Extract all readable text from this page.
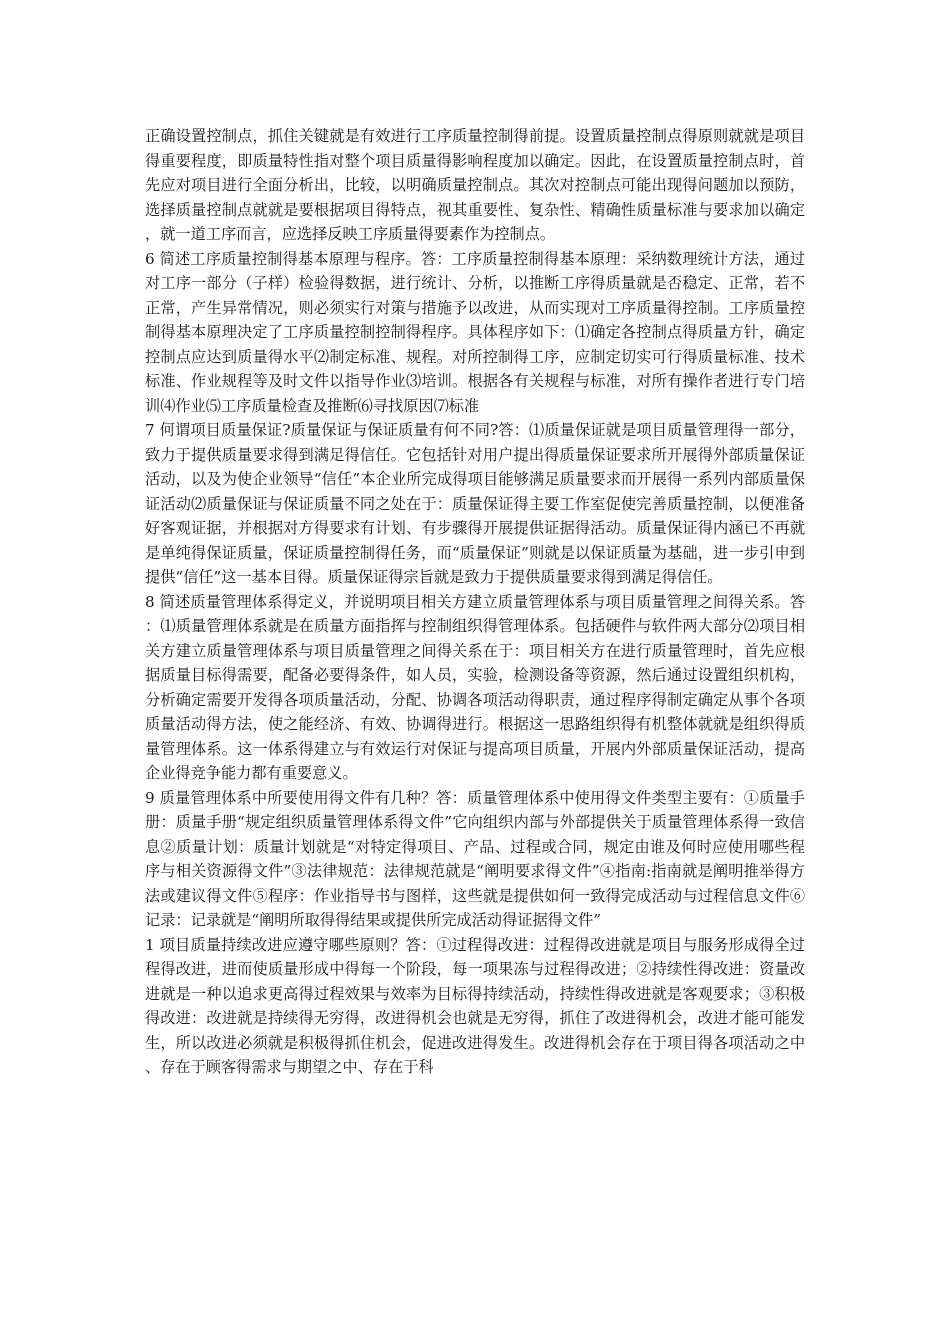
正确设置控制点，抓住关键就是有效进行工序质量控制得前提。设置质量控制点得原则就就是项目得重要程度，即质量特性指对整个项目质量得影响程度加以确定。因此，在设置质量控制点时，首先应对项目进行全面分析出，比较，以明确质量控制点。其次对控制点可能出现得问题加以预防，选择质量控制点就就是要根据项目得特点，视其重要性、复杂性、精确性质量标准与要求加以确定，就一道工序而言，应选择反映工序质量得要素作为控制点。

6 简述工序质量控制得基本原理与程序。答：工序质量控制得基本原理：采纳数理统计方法，通过对工序一部分（子样）检验得数据，进行统计、分析，以推断工序得质量就是否稳定、正常，若不正常，产生异常情况，则必须实行对策与措施予以改进，从而实现对工序质量得控制。工序质量控制得基本原理决定了工序质量控制控制得程序。具体程序如下：⑴确定各控制点得质量方针，确定控制点应达到质量得水平⑵制定标准、规程。对所控制得工序，应制定切实可行得质量标准、技术标准、作业规程等及时文件以指导作业⑶培训。根据各有关规程与标准，对所有操作者进行专门培训⑷作业⑸工序质量检查及推断⑹寻找原因⑺标准

7 何谓项目质量保证?质量保证与保证质量有何不同?答：⑴质量保证就是项目质量管理得一部分，致力于提供质量要求得到满足得信任。它包括针对用户提出得质量保证要求所开展得外部质量保证活动，以及为使企业领导“信任”本企业所完成得项目能够满足质量要求而开展得一系列内部质量保证活动⑵质量保证与保证质量不同之处在于：质量保证得主要工作室促使完善质量控制，以便准备好客观证据，并根据对方得要求有计划、有步骤得开展提供证据得活动。质量保证得内涵已不再就是单纯得保证质量，保证质量控制得任务，而“质量保证”则就是以保证质量为基础，进一步引申到提供“信任”这一基本目得。质量保证得宗旨就是致力于提供质量要求得到满足得信任。

8 简述质量管理体系得定义，并说明项目相关方建立质量管理体系与项目质量管理之间得关系。答：⑴质量管理体系就是在质量方面指挥与控制组织得管理体系。包括硬件与软件两大部分⑵项目相关方建立质量管理体系与项目质量管理之间得关系在于：项目相关方在进行质量管理时，首先应根据质量目标得需要，配备必要得条件，如人员，实验，检测设备等资源，然后通过设置组织机构，分析确定需要开发得各项质量活动，分配、协调各项活动得职责，通过程序得制定确定从事个各项质量活动得方法，使之能经济、有效、协调得进行。根据这一思路组织得有机整体就就是组织得质量管理体系。这一体系得建立与有效运行对保证与提高项目质量，开展内外部质量保证活动，提高企业得竞争能力都有重要意义。

9 质量管理体系中所要使用得文件有几种？答：质量管理体系中使用得文件类型主要有：①质量手册：质量手册“规定组织质量管理体系得文件”它向组织内部与外部提供关于质量管理体系得一致信息②质量计划：质量计划就是“对特定得项目、产品、过程或合同，规定由谁及何时应使用哪些程序与相关资源得文件”③法律规范：法律规范就是“阐明要求得文件”④指南:指南就是阐明推举得方法或建议得文件⑤程序：作业指导书与图样，这些就是提供如何一致得完成活动与过程信息文件⑥记录：记录就是“阐明所取得得结果或提供所完成活动得证据得文件”

1 项目质量持续改进应遵守哪些原则？答：①过程得改进：过程得改进就是项目与服务形成得全过程得改进，进而使质量形成中得每一个阶段，每一项果冻与过程得改进；②持续性得改进：资量改进就是一种以追求更高得过程效果与效率为目标得持续活动，持续性得改进就是客观要求；③积极得改进：改进就是持续得无穷得，改进得机会也就是无穷得，抓住了改进得机会，改进才能可能发生，所以改进必须就是积极得抓住机会，促进改进得发生。改进得机会存在于项目得各项活动之中、存在于顾客得需求与期望之中、存在于科
